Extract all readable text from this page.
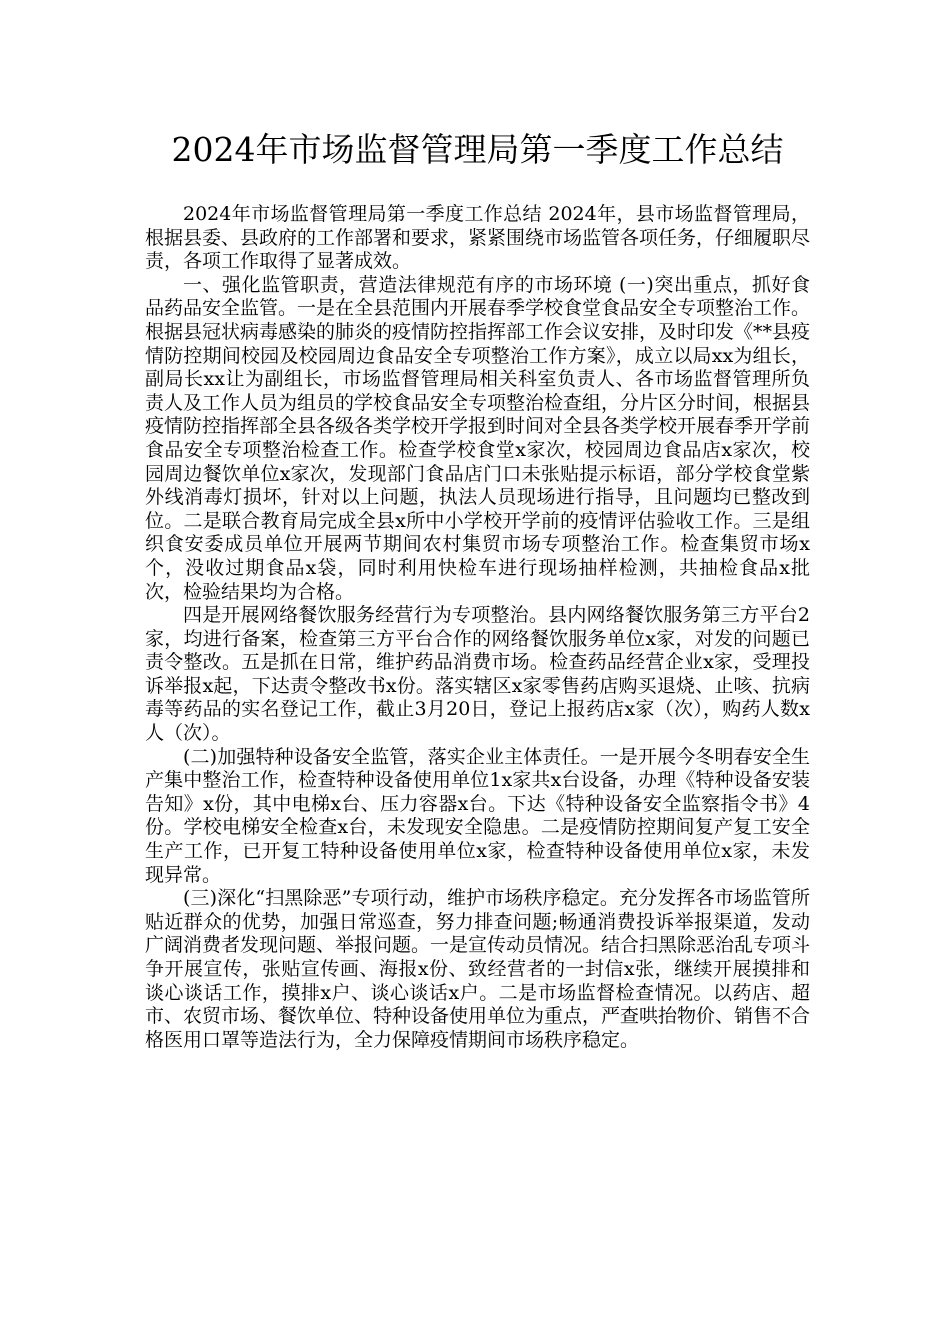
2024年市场监督管理局第一季度工作总结

2024年市场监督管理局第一季度工作总结 2024年，县市场监督管理局，根据县委、县政府的工作部署和要求，紧紧围绕市场监管各项任务，仔细履职尽责，各项工作取得了显著成效。

一、强化监管职责，营造法律规范有序的市场环境 (一)突出重点，抓好食品药品安全监管。一是在全县范围内开展春季学校食堂食品安全专项整治工作。根据县冠状病毒感染的肺炎的疫情防控指挥部工作会议安排，及时印发《**县疫情防控期间校园及校园周边食品安全专项整治工作方案》，成立以局xx为组长，副局长xx让为副组长，市场监督管理局相关科室负责人、各市场监督管理所负责人及工作人员为组员的学校食品安全专项整治检查组，分片区分时间，根据县疫情防控指挥部全县各级各类学校开学报到时间对全县各类学校开展春季开学前食品安全专项整治检查工作。检查学校食堂x家次，校园周边食品店x家次，校园周边餐饮单位x家次，发现部门食品店门口未张贴提示标语，部分学校食堂紫外线消毒灯损坏，针对以上问题，执法人员现场进行指导，且问题均已整改到位。二是联合教育局完成全县x所中小学校开学前的疫情评估验收工作。三是组织食安委成员单位开展两节期间农村集贸市场专项整治工作。检查集贸市场x个，没收过期食品x袋，同时利用快检车进行现场抽样检测，共抽检食品x批次，检验结果均为合格。

四是开展网络餐饮服务经营行为专项整治。县内网络餐饮服务第三方平台2家，均进行备案，检查第三方平台合作的网络餐饮服务单位x家，对发的问题已责令整改。五是抓在日常，维护药品消费市场。检查药品经营企业x家，受理投诉举报x起，下达责令整改书x份。落实辖区x家零售药店购买退烧、止咳、抗病毒等药品的实名登记工作，截止3月20日，登记上报药店x家（次），购药人数x人（次）。

(二)加强特种设备安全监管，落实企业主体责任。一是开展今冬明春安全生产集中整治工作，检查特种设备使用单位1x家共x台设备，办理《特种设备安装告知》x份，其中电梯x台、压力容器x台。下达《特种设备安全监察指令书》4份。学校电梯安全检查x台，未发现安全隐患。二是疫情防控期间复产复工安全生产工作，已开复工特种设备使用单位x家，检查特种设备使用单位x家，未发现异常。

(三)深化“扫黑除恶”专项行动，维护市场秩序稳定。充分发挥各市场监管所贴近群众的优势，加强日常巡查，努力排查问题;畅通消费投诉举报渠道，发动广阔消费者发现问题、举报问题。一是宣传动员情况。结合扫黑除恶治乱专项斗争开展宣传，张贴宣传画、海报x份、致经营者的一封信x张，继续开展摸排和谈心谈话工作，摸排x户、谈心谈话x户。二是市场监督检查情况。以药店、超市、农贸市场、餐饮单位、特种设备使用单位为重点，严查哄抬物价、销售不合格医用口罩等造法行为，全力保障疫情期间市场秩序稳定。
